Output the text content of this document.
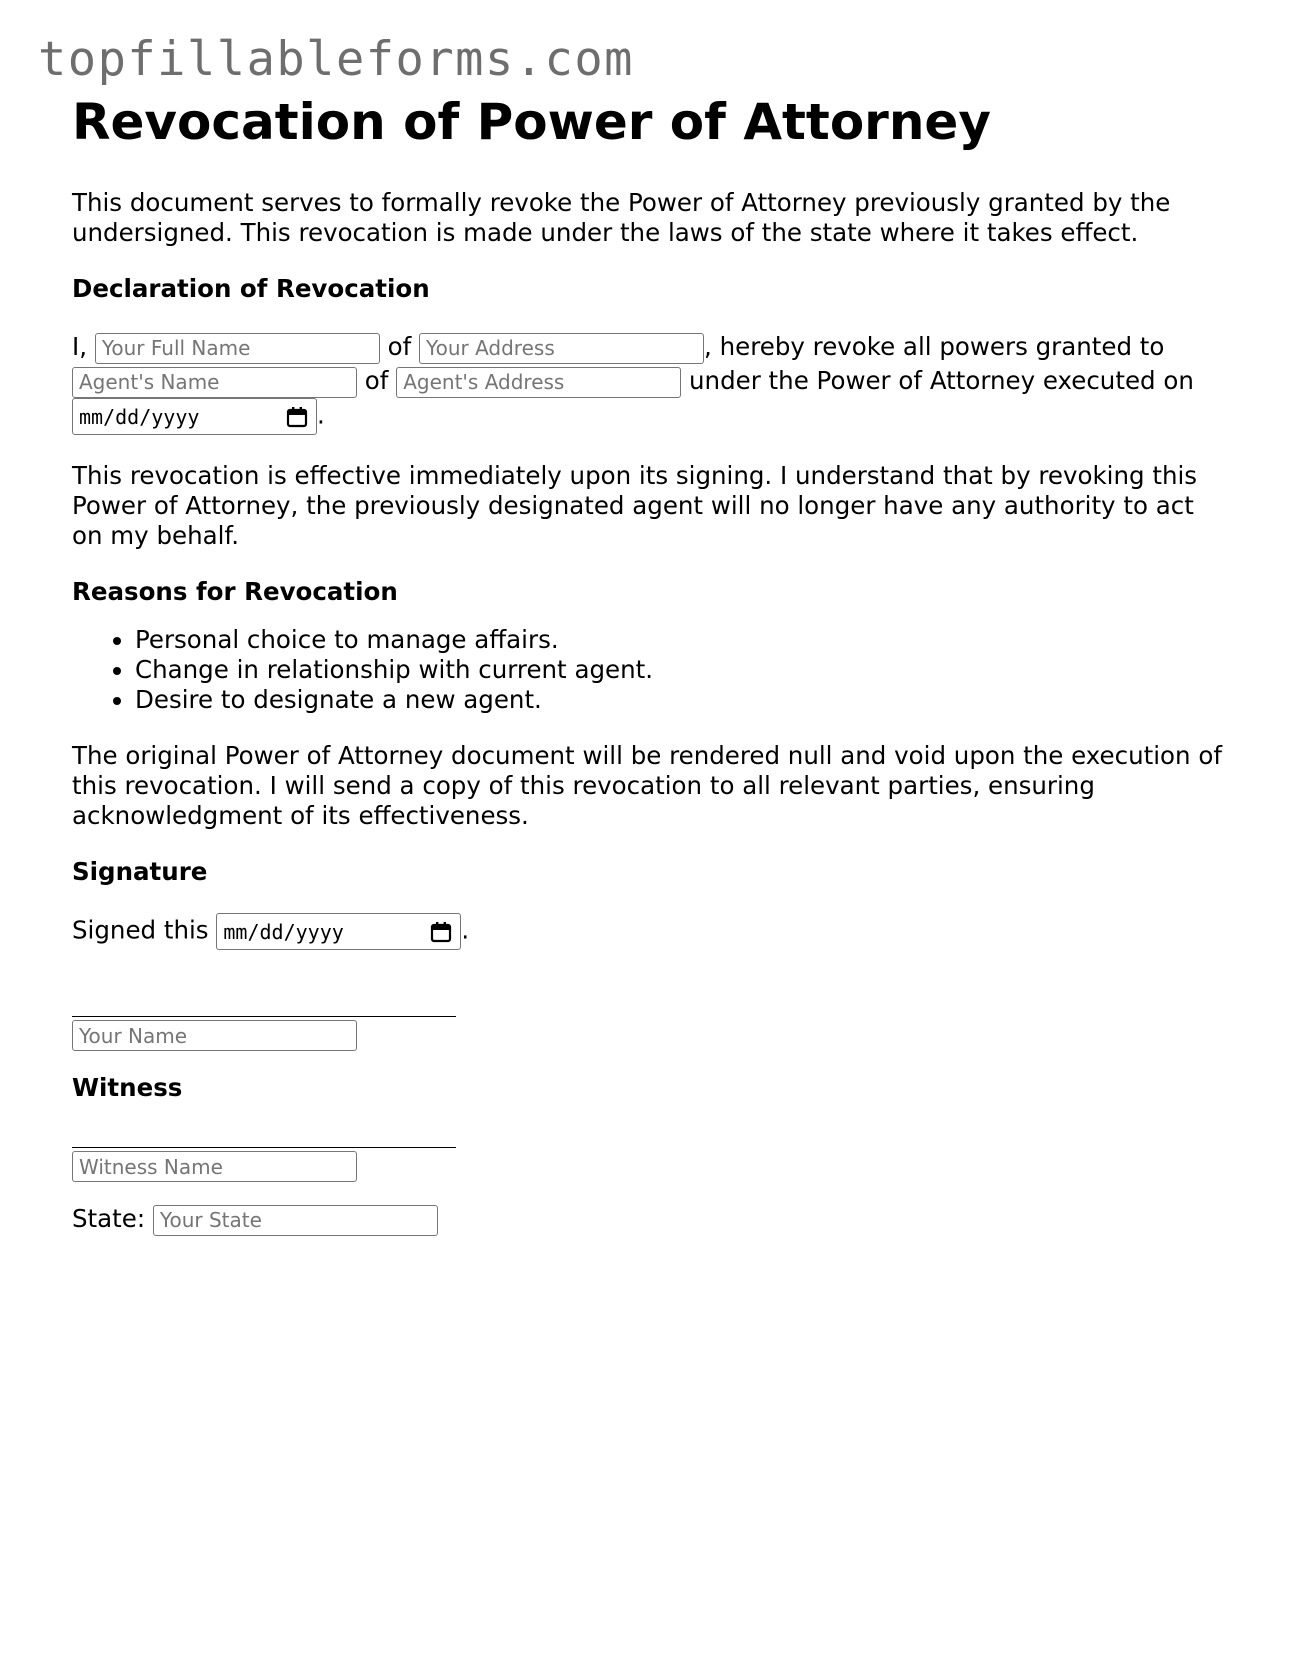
topfillableforms.com
Revocation of Power of Attorney

This document serves to formally revoke the Power of Attorney previously granted by the undersigned. This revocation is made under the laws of the state where it takes effect.

Declaration of Revocation

I, Your Full Name	of Your Address	, hereby revoke all powers granted to Agent's Name of Agent's Address	under the Power of Attorney executed on
mm/dd/yyyy	.

This revocation is effective immediately upon its signing. I understand that by revoking this Power of Attorney, the previously designated agent will no longer have any authority to act on my behalf.

Reasons for Revocation
• Personal choice to manage affairs.
• Change in relationship with current agent.
• Desire to designate a new agent.

The original Power of Attorney document will be rendered null and void upon the execution of this revocation. I will send a copy of this revocation to all relevant parties, ensuring acknowledgment of its effectiveness.

Signature

Signed this mm/dd/yyyy	.

Your Name
Witness
Witness Name

State: Your State
